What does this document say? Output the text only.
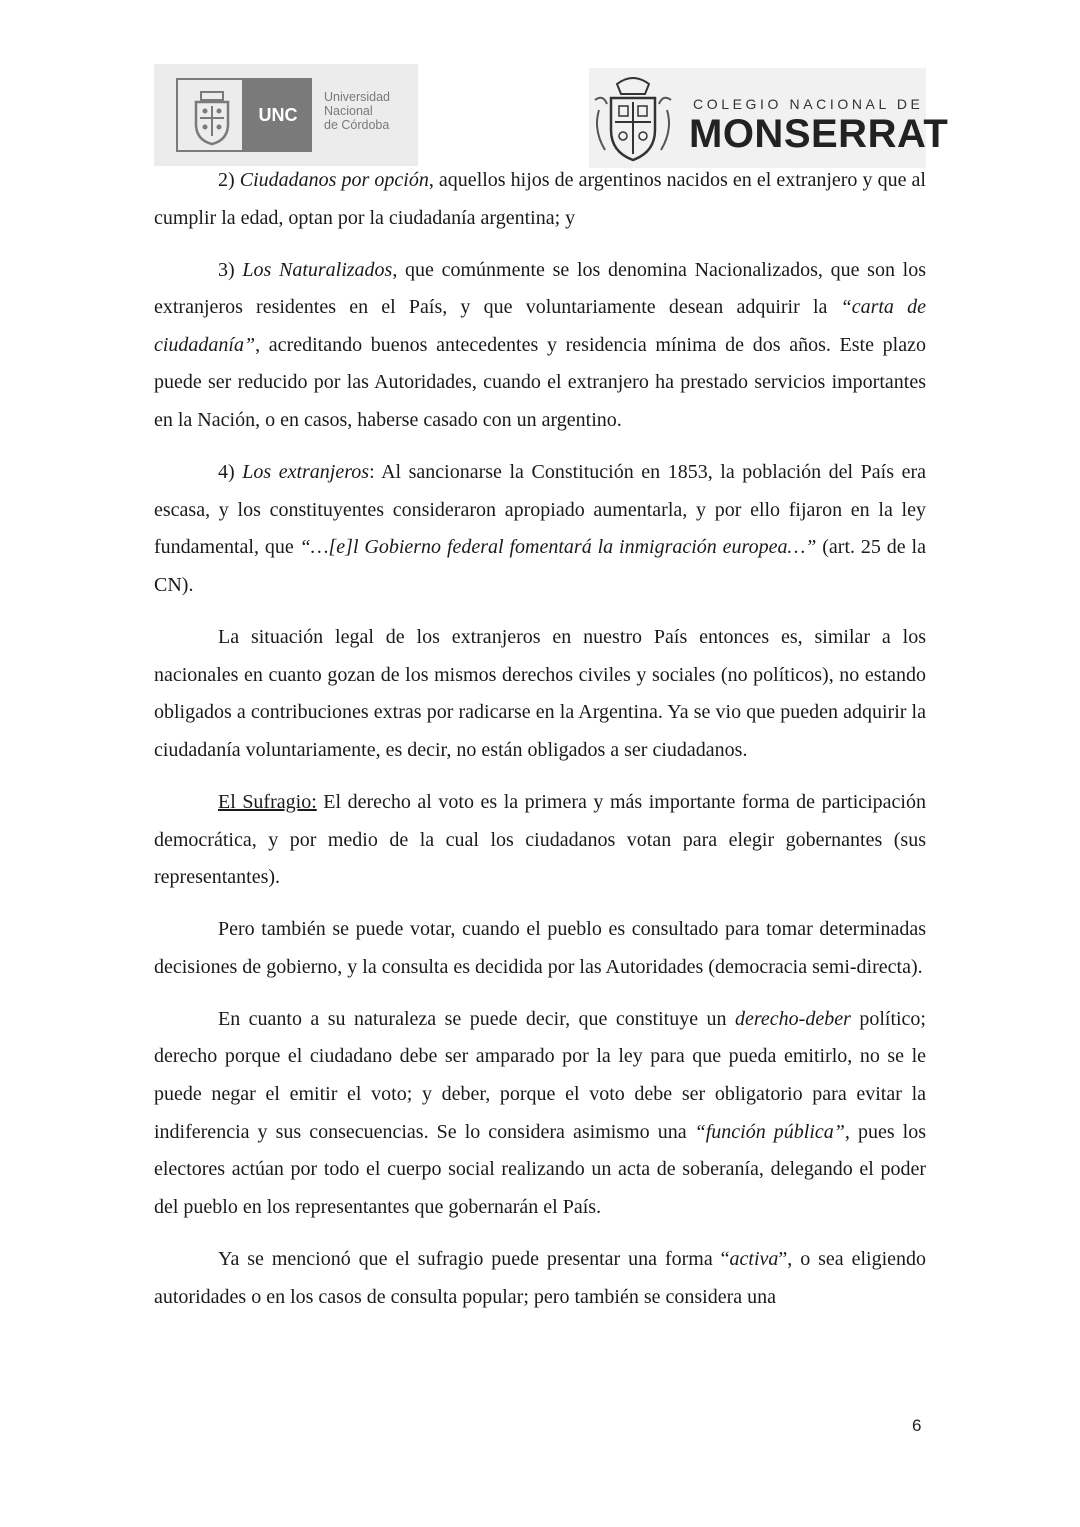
UNC
Universidad
Nacional
de Córdoba
COLEGIO NACIONAL DE
MONSERRAT

2) Ciudadanos por opción, aquellos hijos de argentinos nacidos en el extranjero y que al cumplir la edad, optan por la ciudadanía argentina; y

3) Los Naturalizados, que comúnmente se los denomina Nacionalizados, que son los extranjeros residentes en el País, y que voluntariamente desean adquirir la “carta de ciudadanía”, acreditando buenos antecedentes y residencia mínima de dos años. Este plazo puede ser reducido por las Autoridades, cuando el extranjero ha prestado servicios importantes en la Nación, o en casos, haberse casado con un argentino.

4) Los extranjeros: Al sancionarse la Constitución en 1853, la población del País era escasa, y los constituyentes consideraron apropiado aumentarla, y por ello fijaron en la ley fundamental, que “…[e]l Gobierno federal fomentará la inmigración europea…” (art. 25 de la CN).

La situación legal de los extranjeros en nuestro País entonces es, similar a los nacionales en cuanto gozan de los mismos derechos civiles y sociales (no políticos), no estando obligados a contribuciones extras por radicarse en la Argentina. Ya se vio que pueden adquirir la ciudadanía voluntariamente, es decir, no están obligados a ser ciudadanos.

El Sufragio: El derecho al voto es la primera y más importante forma de participación democrática, y por medio de la cual los ciudadanos votan para elegir gobernantes (sus representantes).

Pero también se puede votar, cuando el pueblo es consultado para tomar determinadas decisiones de gobierno, y la consulta es decidida por las Autoridades (democracia semi-directa).

En cuanto a su naturaleza se puede decir, que constituye un derecho-deber político; derecho porque el ciudadano debe ser amparado por la ley para que pueda emitirlo, no se le puede negar el emitir el voto; y deber, porque el voto debe ser obligatorio para evitar la indiferencia y sus consecuencias. Se lo considera asimismo una “función pública”, pues los electores actúan por todo el cuerpo social realizando un acta de soberanía, delegando el poder del pueblo en los representantes que gobernarán el País.

Ya se mencionó que el sufragio puede presentar una forma “activa”, o sea eligiendo autoridades o en los casos de consulta popular; pero también se considera una

6
